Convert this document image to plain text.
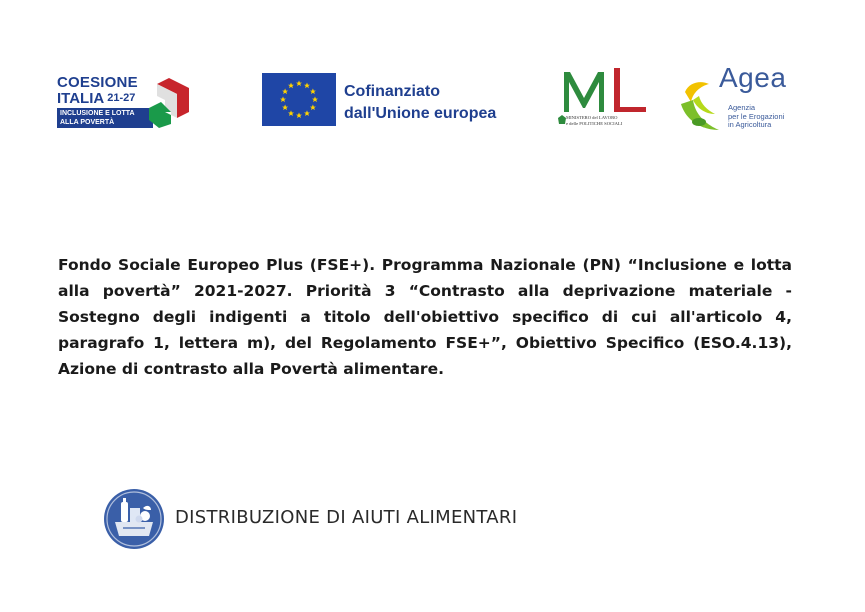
COESIONE
ITALIA 21-27
INCLUSIONE E LOTTA
ALLA POVERTÀ
Cofinanziato
dall'Unione europea	MINISTERO del LAVORO
e delle POLITICHE SOCIALI
Agea
Agenzia
per le Erogazioni
in Agricoltura

Fondo Sociale Europeo Plus (FSE+). Programma Nazionale (PN) “Inclusione e lotta alla povertà” 2021-2027. Priorità 3 “Contrasto alla deprivazione materiale - Sostegno degli indigenti a titolo dell'obiettivo specifico di cui all'articolo 4, paragrafo 1, lettera m), del Regolamento FSE+”, Obiettivo Specifico (ESO.4.13), Azione di contrasto alla Povertà alimentare.

DISTRIBUZIONE DI AIUTI ALIMENTARI
